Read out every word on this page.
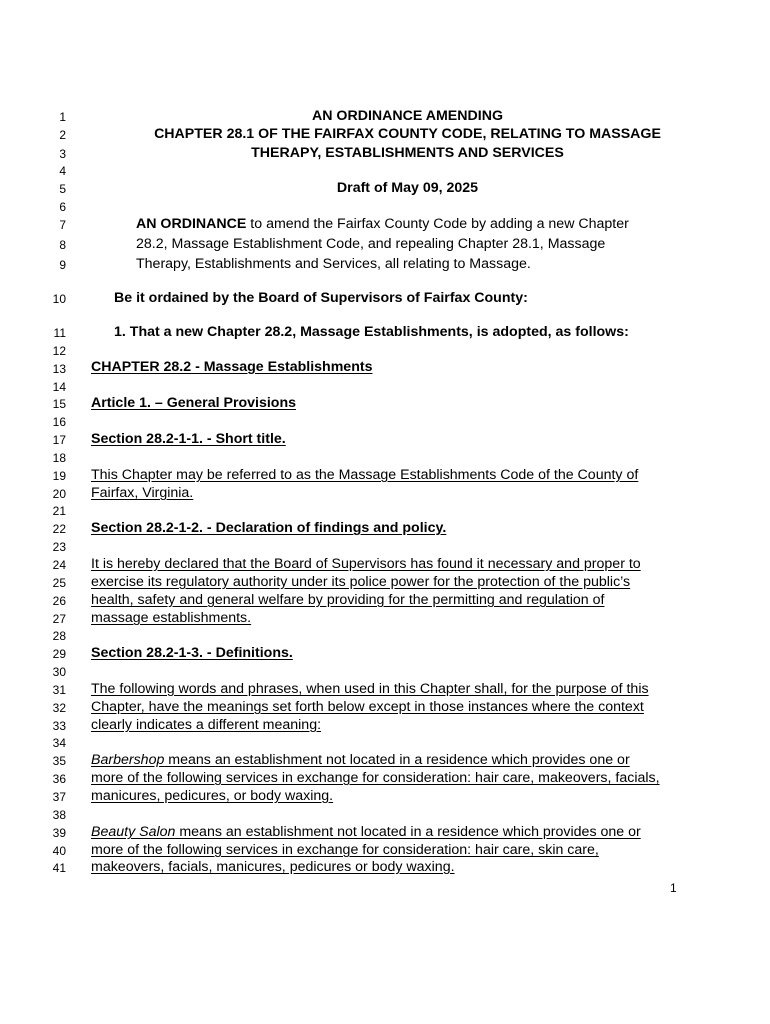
1
2
3
4
5
6
7
8
9
10
11
12
13
14
15
16
17
18
19
20
21
22
23
24
25
26
27
28
29
30
31
32
33
34
35
36
37
38
39
40
41
AN ORDINANCE AMENDING
CHAPTER 28.1 OF THE FAIRFAX COUNTY CODE, RELATING TO MASSAGE
THERAPY, ESTABLISHMENTS AND SERVICES
Draft of May 09, 2025
AN ORDINANCE to amend the Fairfax County Code by adding a new Chapter
28.2, Massage Establishment Code, and repealing Chapter 28.1, Massage
Therapy, Establishments and Services, all relating to Massage.
Be it ordained by the Board of Supervisors of Fairfax County:
1. That a new Chapter 28.2, Massage Establishments, is adopted, as follows:
CHAPTER 28.2 - Massage Establishments
Article 1. – General Provisions
Section 28.2-1-1. - Short title.
This Chapter may be referred to as the Massage Establishments Code of the County of
Fairfax, Virginia.
Section 28.2-1-2. - Declaration of findings and policy.
It is hereby declared that the Board of Supervisors has found it necessary and proper to
exercise its regulatory authority under its police power for the protection of the public’s
health, safety and general welfare by providing for the permitting and regulation of
massage establishments.
Section 28.2-1-3. - Definitions.
The following words and phrases, when used in this Chapter shall, for the purpose of this
Chapter, have the meanings set forth below except in those instances where the context
clearly indicates a different meaning:
Barbershop means an establishment not located in a residence which provides one or
more of the following services in exchange for consideration: hair care, makeovers, facials,
manicures, pedicures, or body waxing.
Beauty Salon means an establishment not located in a residence which provides one or
more of the following services in exchange for consideration: hair care, skin care,
makeovers, facials, manicures, pedicures or body waxing.
1
